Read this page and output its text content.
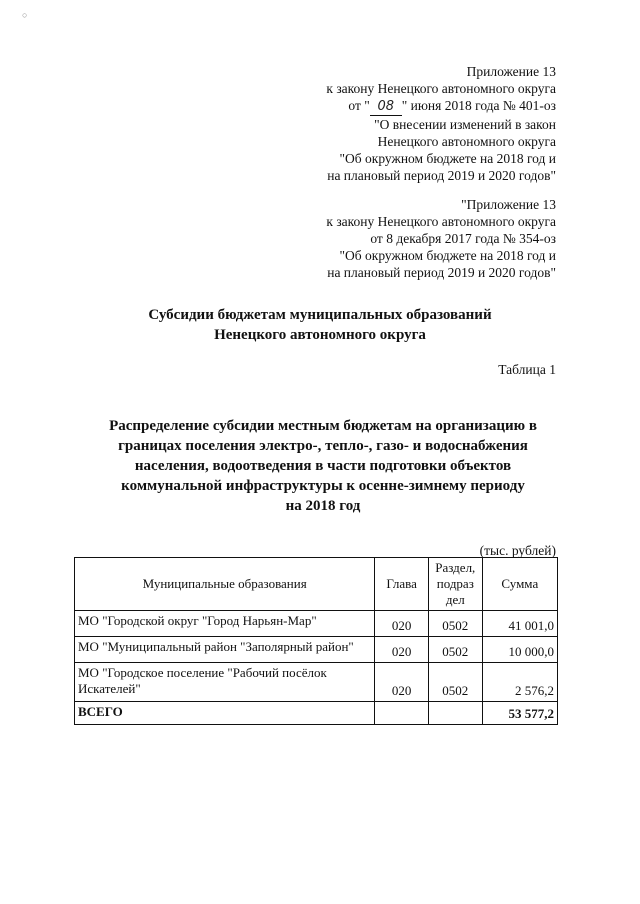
○
Приложение 13
к закону Ненецкого автономного округа
от " 08 " июня 2018 года № 401-оз
"О внесении изменений в закон
Ненецкого автономного округа
"Об окружном бюджете на 2018 год и
на плановый период 2019 и 2020 годов"
"Приложение 13
к закону Ненецкого автономного округа
от 8 декабря 2017 года № 354-оз
"Об окружном бюджете на 2018 год и
на плановый период 2019 и 2020 годов"
Субсидии бюджетам муниципальных образований
Ненецкого автономного округа
Таблица 1
Распределение субсидии местным бюджетам на организацию в
границах поселения электро-, тепло-, газо- и водоснабжения
населения, водоотведения в части подготовки объектов
коммунальной инфраструктуры к осенне-зимнему периоду
на 2018 год
(тыс. рублей)
Муниципальные образования	Глава	Раздел,
подраз
дел	Сумма

МО "Городской округ "Город Нарьян-Мар"	020	0502	41 001,0

МО "Муниципальный район "Заполярный район"	020	0502	10 000,0

МО "Городское поселение "Рабочий посёлок
Искателей"	020	0502	2 576,2
ВСЕГО			53 577,2
